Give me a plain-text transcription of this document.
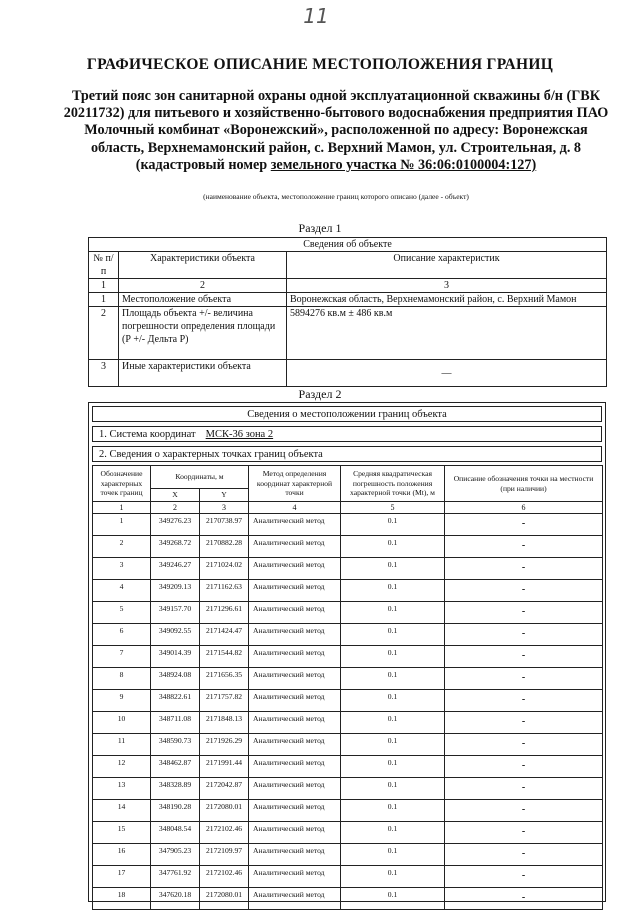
11
ГРАФИЧЕСКОЕ ОПИСАНИЕ МЕСТОПОЛОЖЕНИЯ ГРАНИЦ
Третий пояс зон санитарной охраны одной эксплуатационной скважины б/н (ГВК 20211732) для питьевого и хозяйственно-бытового водоснабжения предприятия ПАО Молочный комбинат «Воронежский», расположенной по адресу: Воронежская область, Верхнемамонский район, с. Верхний Мамон, ул. Строительная, д. 8 (кадастровый номер земельного участка № 36:06:0100004:127)
(наименование объекта, местоположение границ которого описано (далее - объект)
Раздел 1
Сведения об объекте		
№ п/п	Характеристики объекта	Описание характеристик
1	2	3
1	Местоположение объекта	Воронежская область, Верхнемамонский район, с. Верхний Мамон
2	Площадь объекта +/- величина погрешности определения площади (Р +/- Дельта Р)	5894276 кв.м ± 486 кв.м
3	Иные характеристики объекта	—
Раздел 2
Сведения о местоположении границ объекта
1. Система координат МСК-36 зона 2
2. Сведения о характерных точках границ объекта
Обозначение характерных точек границ	Координаты, м		Метод определения координат характерной точки	Средняя квадратическая погрешность положения характерной точки (Мt), м	Описание обозначения точки на местности (при наличии)
	X	Y			
1	2	3	4	5	6
1	349276.23	2170738.97	Аналитический метод	0.1	-
2	349268.72	2170882.28	Аналитический метод	0.1	-
3	349246.27	2171024.02	Аналитический метод	0.1	-
4	349209.13	2171162.63	Аналитический метод	0.1	-
5	349157.70	2171296.61	Аналитический метод	0.1	-
6	349092.55	2171424.47	Аналитический метод	0.1	-
7	349014.39	2171544.82	Аналитический метод	0.1	-
8	348924.08	2171656.35	Аналитический метод	0.1	-
9	348822.61	2171757.82	Аналитический метод	0.1	-
10	348711.08	2171848.13	Аналитический метод	0.1	-
11	348590.73	2171926.29	Аналитический метод	0.1	-
12	348462.87	2171991.44	Аналитический метод	0.1	-
13	348328.89	2172042.87	Аналитический метод	0.1	-
14	348190.28	2172080.01	Аналитический метод	0.1	-
15	348048.54	2172102.46	Аналитический метод	0.1	-
16	347905.23	2172109.97	Аналитический метод	0.1	-
17	347761.92	2172102.46	Аналитический метод	0.1	-
18	347620.18	2172080.01	Аналитический метод	0.1	-
